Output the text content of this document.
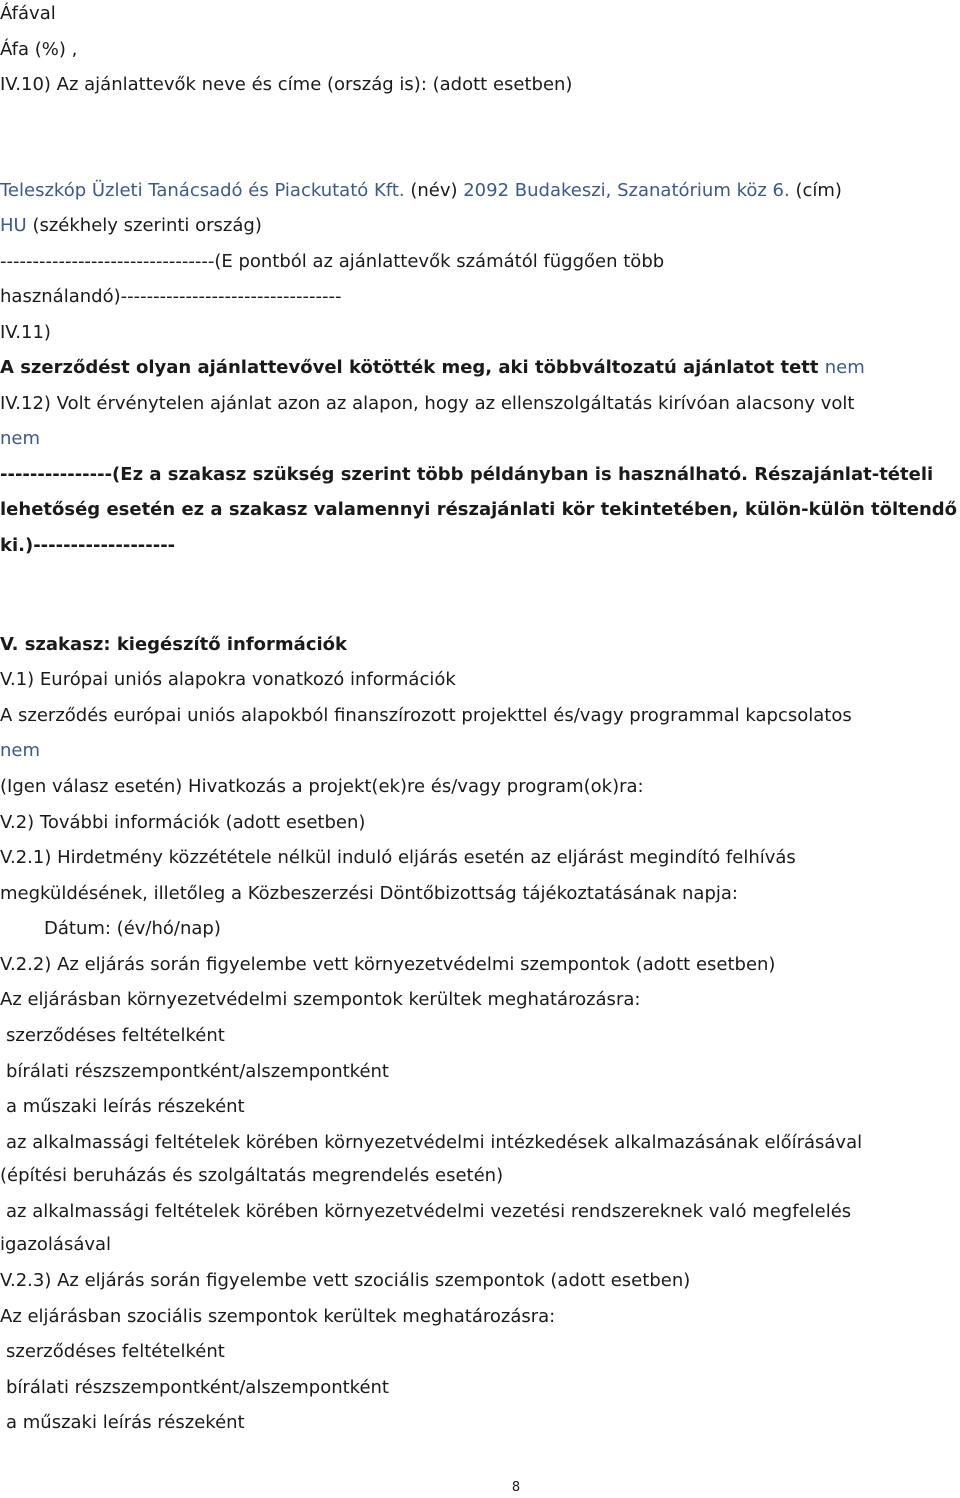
Áfával
Áfa (%) ,
IV.10) Az ajánlattevők neve és címe (ország is): (adott esetben)
Teleszkóp Üzleti Tanácsadó és Piackutató Kft. (név) 2092 Budakeszi, Szanatórium köz 6. (cím)
HU (székhely szerinti ország)
---------------------------------(E pontból az ajánlattevők számától függően több
használandó)----------------------------------
IV.11)
A szerződést olyan ajánlattevővel kötötték meg, aki többváltozatú ajánlatot tett nem
IV.12) Volt érvénytelen ajánlat azon az alapon, hogy az ellenszolgáltatás kirívóan alacsony volt
nem
---------------(Ez a szakasz szükség szerint több példányban is használható. Részajánlat-tételi
lehetőség esetén ez a szakasz valamennyi részajánlati kör tekintetében, külön-külön töltendő
ki.)-------------------
V. szakasz: kiegészítő információk
V.1) Európai uniós alapokra vonatkozó információk
A szerződés európai uniós alapokból finanszírozott projekttel és/vagy programmal kapcsolatos
nem
(Igen válasz esetén) Hivatkozás a projekt(ek)re és/vagy program(ok)ra:
V.2) További információk (adott esetben)
V.2.1) Hirdetmény közzététele nélkül induló eljárás esetén az eljárást megindító felhívás
megküldésének, illetőleg a Közbeszerzési Döntőbizottság tájékoztatásának napja:
Dátum: (év/hó/nap)
V.2.2) Az eljárás során figyelembe vett környezetvédelmi szempontok (adott esetben)
Az eljárásban környezetvédelmi szempontok kerültek meghatározásra:
szerződéses feltételként
bírálati részszempontként/alszempontként
a műszaki leírás részeként
az alkalmassági feltételek körében környezetvédelmi intézkedések alkalmazásának előírásával
(építési beruházás és szolgáltatás megrendelés esetén)
az alkalmassági feltételek körében környezetvédelmi vezetési rendszereknek való megfelelés
igazolásával
V.2.3) Az eljárás során figyelembe vett szociális szempontok (adott esetben)
Az eljárásban szociális szempontok kerültek meghatározásra:
szerződéses feltételként
bírálati részszempontként/alszempontként
a műszaki leírás részeként
8
